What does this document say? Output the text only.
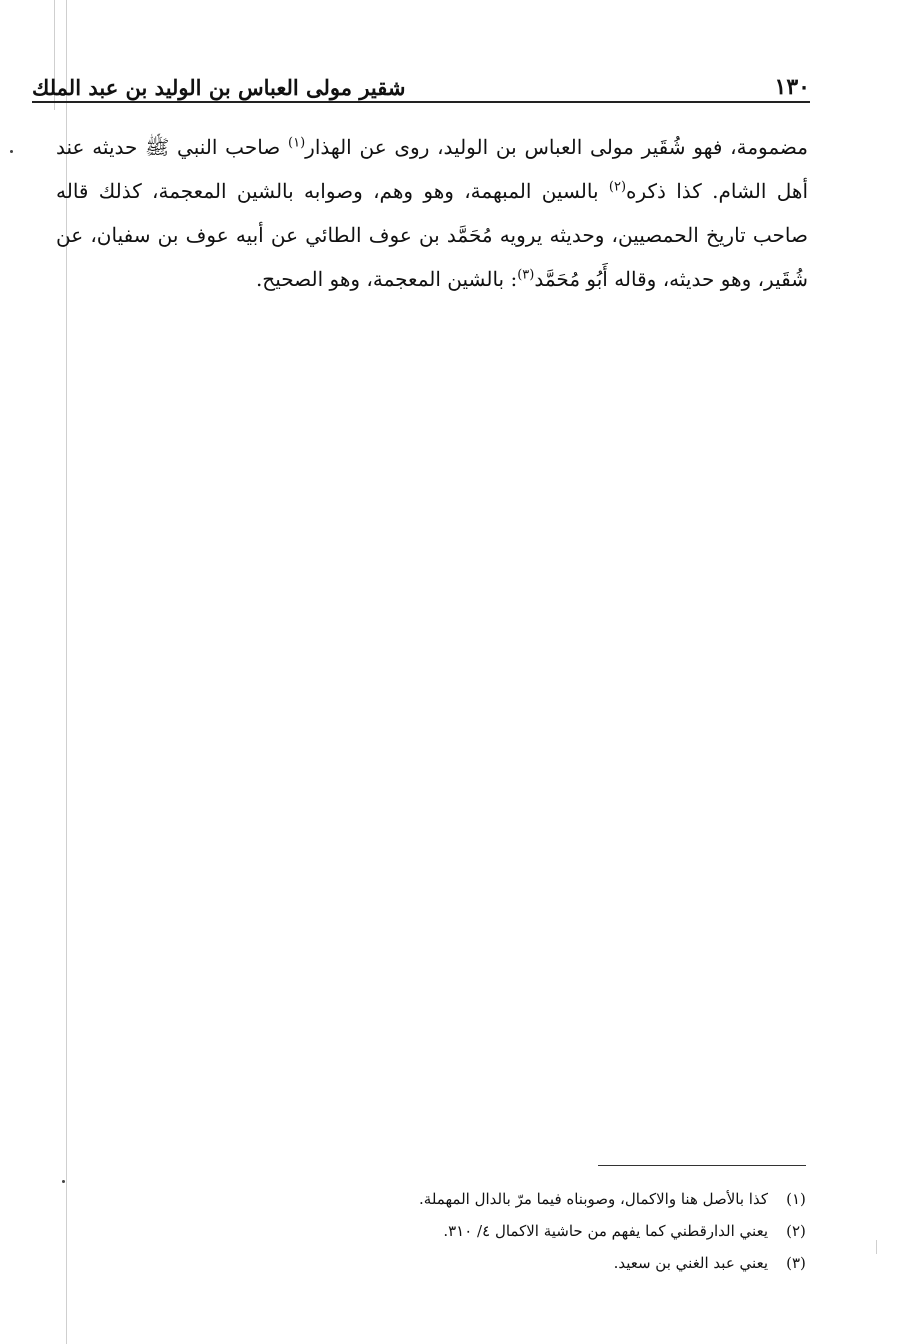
١٣٠
شقير مولى العباس بن الوليد بن عبد الملك

مضمومة، فهو شُقَير مولى العباس بن الوليد، روى عن الهذار$^{(١)}$ صاحب النبي ﷺ حديثه عند أهل الشام. كذا ذكره$^{(٢)}$ بالسين المبهمة، وهو وهم، وصوابه بالشين المعجمة، كذلك قاله صاحب تاريخ الحمصيين، وحديثه يرويه مُحَمَّد بن عوف الطائي عن أبيه عوف بن سفيان، عن شُقَير، وهو حديثه، وقاله أَبُو مُحَمَّد$^{(٣)}$: بالشين المعجمة، وهو الصحيح.

(١)
كذا بالأصل هنا والاكمال، وصوبناه فيما مرّ بالدال المهملة.
(٢)
يعني الدارقطني كما يفهم من حاشية الاكمال ٤/ ٣١٠.
(٣)
يعني عبد الغني بن سعيد.
